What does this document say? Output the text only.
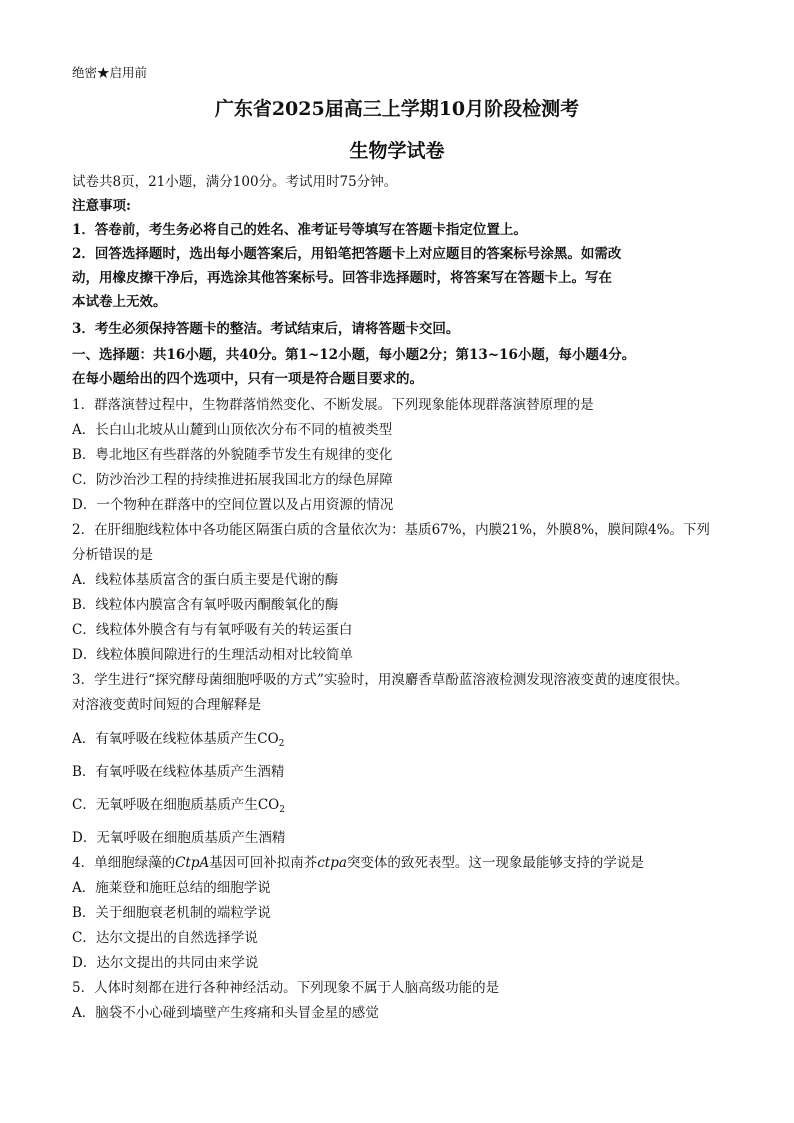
绝密★启用前
广东省2025届高三上学期10月阶段检测考
生物学试卷
试卷共8页，21小题，满分100分。考试用时75分钟。
注意事项:
1．答卷前，考生务必将自己的姓名、准考证号等填写在答题卡指定位置上。
2．回答选择题时，选出每小题答案后，用铅笔把答题卡上对应题目的答案标号涂黑。如需改
动，用橡皮擦干净后，再选涂其他答案标号。回答非选择题时，将答案写在答题卡上。写在
本试卷上无效。
3．考生必须保持答题卡的整洁。考试结束后，请将答题卡交回。
一、选择题：共16小题，共40分。第1~12小题，每小题2分；第13~16小题，每小题4分。
在每小题给出的四个选项中，只有一项是符合题目要求的。
1．群落演替过程中，生物群落悄然变化、不断发展。下列现象能体现群落演替原理的是
A．长白山北坡从山麓到山顶依次分布不同的植被类型
B．粤北地区有些群落的外貌随季节发生有规律的变化
C．防沙治沙工程的持续推进拓展我国北方的绿色屏障
D．一个物种在群落中的空间位置以及占用资源的情况
2．在肝细胞线粒体中各功能区隔蛋白质的含量依次为：基质67%，内膜21%，外膜8%，膜间隙4%。下列
分析错误的是
A．线粒体基质富含的蛋白质主要是代谢的酶
B．线粒体内膜富含有氧呼吸丙酮酸氧化的酶
C．线粒体外膜含有与有氧呼吸有关的转运蛋白
D．线粒体膜间隙进行的生理活动相对比较简单
3．学生进行“探究酵母菌细胞呼吸的方式”实验时，用溴麝香草酚蓝溶液检测发现溶液变黄的速度很快。
对溶液变黄时间短的合理解释是
A．有氧呼吸在线粒体基质产生$CO_2$
B．有氧呼吸在线粒体基质产生酒精
C．无氧呼吸在细胞质基质产生$CO_2$
D．无氧呼吸在细胞质基质产生酒精
4．单细胞绿藻的CtpA基因可回补拟南芥ctpa突变体的致死表型。这一现象最能够支持的学说是
A．施莱登和施旺总结的细胞学说
B．关于细胞衰老机制的端粒学说
C．达尔文提出的自然选择学说
D．达尔文提出的共同由来学说
5．人体时刻都在进行各种神经活动。下列现象不属于人脑高级功能的是
A．脑袋不小心碰到墙壁产生疼痛和头冒金星的感觉
